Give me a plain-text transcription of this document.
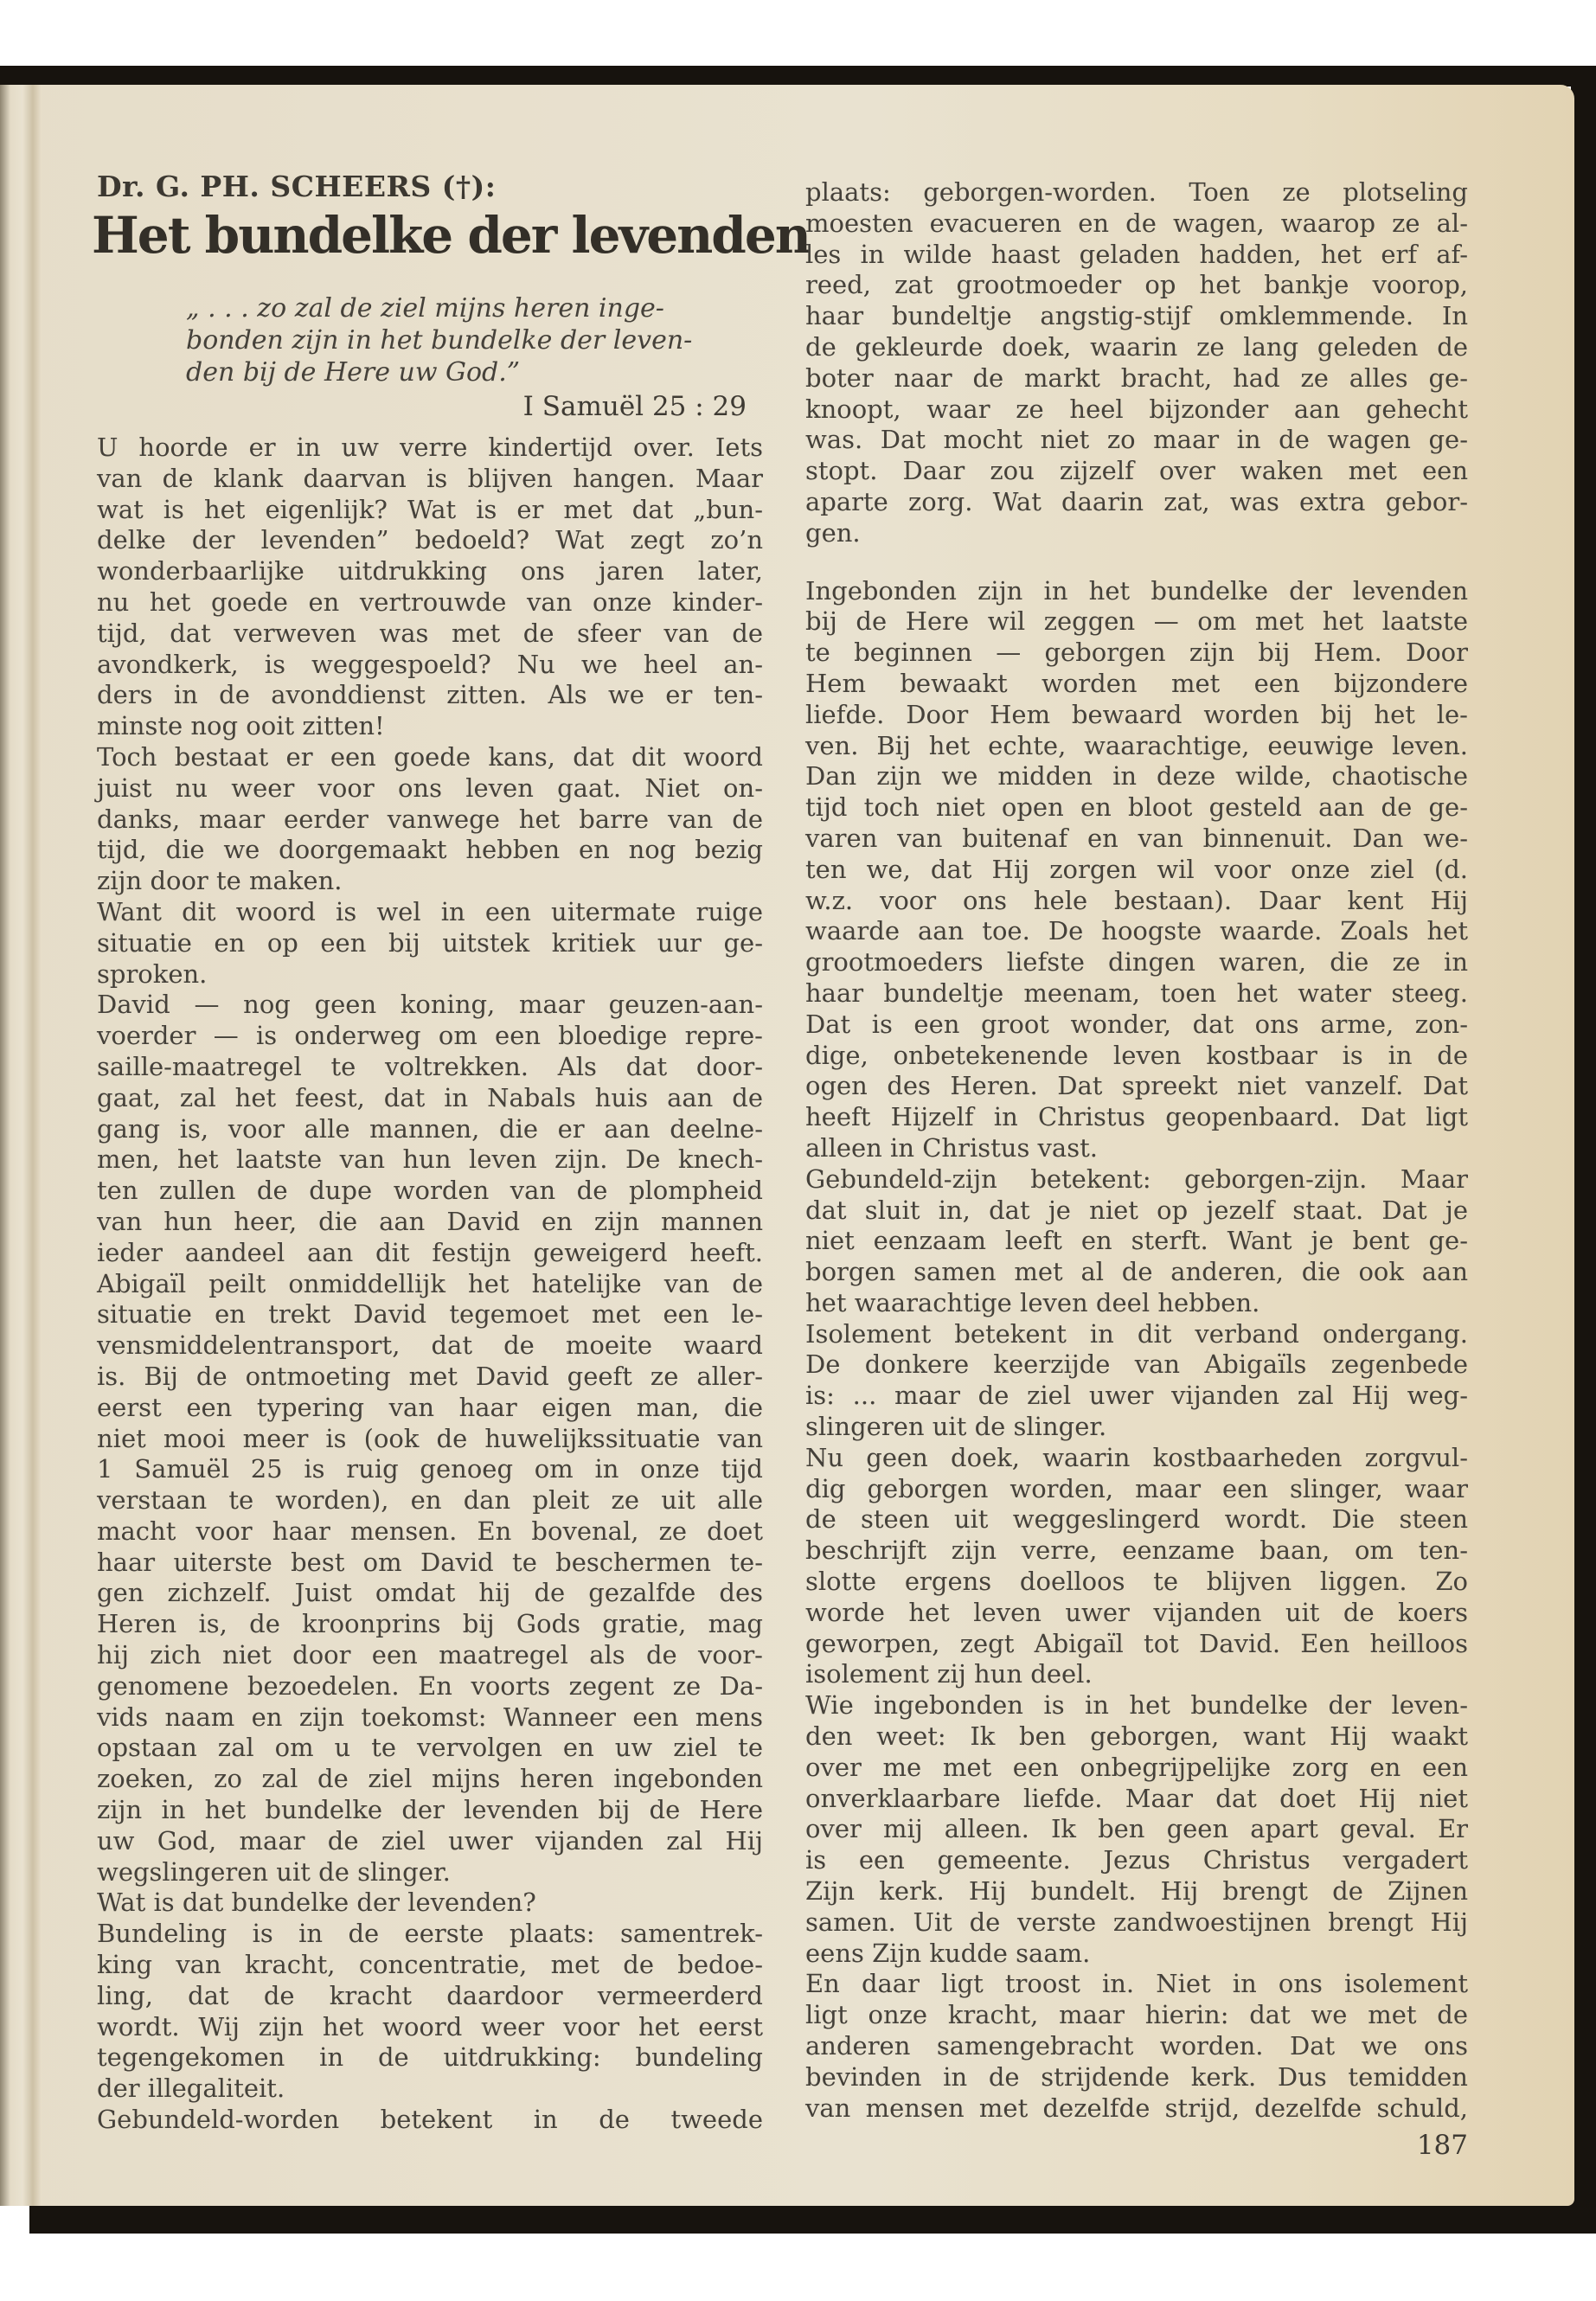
Dr. G. PH. SCHEERS (†):
Het bundelke der levenden
„ . . . zo zal de ziel mijns heren inge-
bonden zijn in het bundelke der leven-
den bij de Here uw God.”
I Samuël 25 : 29
U hoorde er in uw verre kindertijd over. Iets
van de klank daarvan is blijven hangen. Maar
wat is het eigenlijk? Wat is er met dat „bun-
delke der levenden” bedoeld? Wat zegt zo’n
wonderbaarlijke uitdrukking ons jaren later,
nu het goede en vertrouwde van onze kinder-
tijd, dat verweven was met de sfeer van de
avondkerk, is weggespoeld? Nu we heel an-
ders in de avonddienst zitten. Als we er ten-
minste nog ooit zitten!
Toch bestaat er een goede kans, dat dit woord
juist nu weer voor ons leven gaat. Niet on-
danks, maar eerder vanwege het barre van de
tijd, die we doorgemaakt hebben en nog bezig
zijn door te maken.
Want dit woord is wel in een uitermate ruige
situatie en op een bij uitstek kritiek uur ge-
sproken.
David — nog geen koning, maar geuzen-aan-
voerder — is onderweg om een bloedige repre-
saille-maatregel te voltrekken. Als dat door-
gaat, zal het feest, dat in Nabals huis aan de
gang is, voor alle mannen, die er aan deelne-
men, het laatste van hun leven zijn. De knech-
ten zullen de dupe worden van de plompheid
van hun heer, die aan David en zijn mannen
ieder aandeel aan dit festijn geweigerd heeft.
Abigaïl peilt onmiddellijk het hatelijke van de
situatie en trekt David tegemoet met een le-
vensmiddelentransport, dat de moeite waard
is. Bij de ontmoeting met David geeft ze aller-
eerst een typering van haar eigen man, die
niet mooi meer is (ook de huwelijkssituatie van
1 Samuël 25 is ruig genoeg om in onze tijd
verstaan te worden), en dan pleit ze uit alle
macht voor haar mensen. En bovenal, ze doet
haar uiterste best om David te beschermen te-
gen zichzelf. Juist omdat hij de gezalfde des
Heren is, de kroonprins bij Gods gratie, mag
hij zich niet door een maatregel als de voor-
genomene bezoedelen. En voorts zegent ze Da-
vids naam en zijn toekomst: Wanneer een mens
opstaan zal om u te vervolgen en uw ziel te
zoeken, zo zal de ziel mijns heren ingebonden
zijn in het bundelke der levenden bij de Here
uw God, maar de ziel uwer vijanden zal Hij
wegslingeren uit de slinger.
Wat is dat bundelke der levenden?
Bundeling is in de eerste plaats: samentrek-
king van kracht, concentratie, met de bedoe-
ling, dat de kracht daardoor vermeerderd
wordt. Wij zijn het woord weer voor het eerst
tegengekomen in de uitdrukking: bundeling
der illegaliteit.
Gebundeld-worden betekent in de tweede
plaats: geborgen-worden. Toen ze plotseling
moesten evacueren en de wagen, waarop ze al-
les in wilde haast geladen hadden, het erf af-
reed, zat grootmoeder op het bankje voorop,
haar bundeltje angstig-stijf omklemmende. In
de gekleurde doek, waarin ze lang geleden de
boter naar de markt bracht, had ze alles ge-
knoopt, waar ze heel bijzonder aan gehecht
was. Dat mocht niet zo maar in de wagen ge-
stopt. Daar zou zijzelf over waken met een
aparte zorg. Wat daarin zat, was extra gebor-
gen.
Ingebonden zijn in het bundelke der levenden
bij de Here wil zeggen — om met het laatste
te beginnen — geborgen zijn bij Hem. Door
Hem bewaakt worden met een bijzondere
liefde. Door Hem bewaard worden bij het le-
ven. Bij het echte, waarachtige, eeuwige leven.
Dan zijn we midden in deze wilde, chaotische
tijd toch niet open en bloot gesteld aan de ge-
varen van buitenaf en van binnenuit. Dan we-
ten we, dat Hij zorgen wil voor onze ziel (d.
w.z. voor ons hele bestaan). Daar kent Hij
waarde aan toe. De hoogste waarde. Zoals het
grootmoeders liefste dingen waren, die ze in
haar bundeltje meenam, toen het water steeg.
Dat is een groot wonder, dat ons arme, zon-
dige, onbetekenende leven kostbaar is in de
ogen des Heren. Dat spreekt niet vanzelf. Dat
heeft Hijzelf in Christus geopenbaard. Dat ligt
alleen in Christus vast.
Gebundeld-zijn betekent: geborgen-zijn. Maar
dat sluit in, dat je niet op jezelf staat. Dat je
niet eenzaam leeft en sterft. Want je bent ge-
borgen samen met al de anderen, die ook aan
het waarachtige leven deel hebben.
Isolement betekent in dit verband ondergang.
De donkere keerzijde van Abigaïls zegenbede
is: ... maar de ziel uwer vijanden zal Hij weg-
slingeren uit de slinger.
Nu geen doek, waarin kostbaarheden zorgvul-
dig geborgen worden, maar een slinger, waar
de steen uit weggeslingerd wordt. Die steen
beschrijft zijn verre, eenzame baan, om ten-
slotte ergens doelloos te blijven liggen. Zo
worde het leven uwer vijanden uit de koers
geworpen, zegt Abigaïl tot David. Een heilloos
isolement zij hun deel.
Wie ingebonden is in het bundelke der leven-
den weet: Ik ben geborgen, want Hij waakt
over me met een onbegrijpelijke zorg en een
onverklaarbare liefde. Maar dat doet Hij niet
over mij alleen. Ik ben geen apart geval. Er
is een gemeente. Jezus Christus vergadert
Zijn kerk. Hij bundelt. Hij brengt de Zijnen
samen. Uit de verste zandwoestijnen brengt Hij
eens Zijn kudde saam.
En daar ligt troost in. Niet in ons isolement
ligt onze kracht, maar hierin: dat we met de
anderen samengebracht worden. Dat we ons
bevinden in de strijdende kerk. Dus temidden
van mensen met dezelfde strijd, dezelfde schuld,
187
